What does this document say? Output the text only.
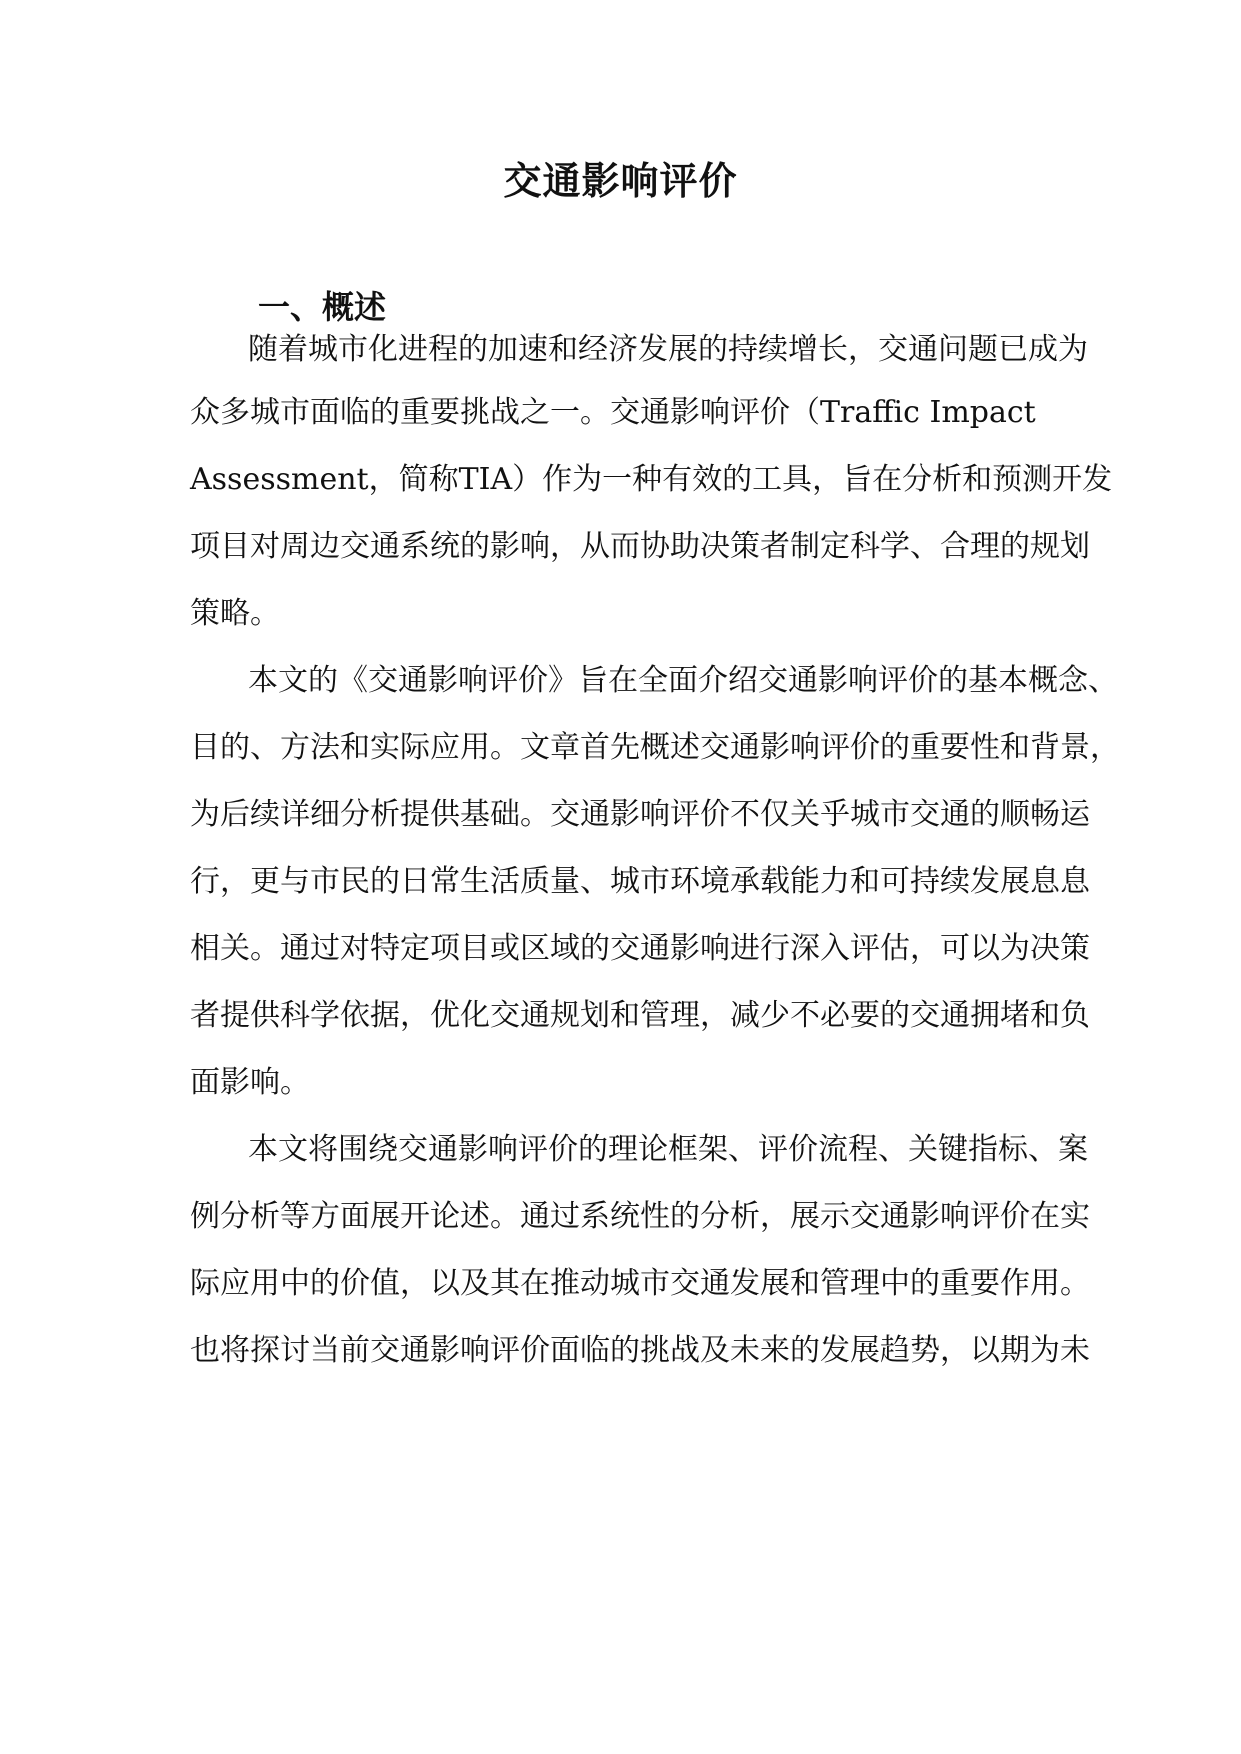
交通影响评价
一、概述
随着城市化进程的加速和经济发展的持续增长，交通问题已成为
众多城市面临的重要挑战之一。交通影响评价（Traffic Impact
Assessment，简称TIA）作为一种有效的工具，旨在分析和预测开发
项目对周边交通系统的影响，从而协助决策者制定科学、合理的规划
策略。
本文的《交通影响评价》旨在全面介绍交通影响评价的基本概念、
目的、方法和实际应用。文章首先概述交通影响评价的重要性和背景，
为后续详细分析提供基础。交通影响评价不仅关乎城市交通的顺畅运
行，更与市民的日常生活质量、城市环境承载能力和可持续发展息息
相关。通过对特定项目或区域的交通影响进行深入评估，可以为决策
者提供科学依据，优化交通规划和管理，减少不必要的交通拥堵和负
面影响。
本文将围绕交通影响评价的理论框架、评价流程、关键指标、案
例分析等方面展开论述。通过系统性的分析，展示交通影响评价在实
际应用中的价值，以及其在推动城市交通发展和管理中的重要作用。
也将探讨当前交通影响评价面临的挑战及未来的发展趋势，以期为未
